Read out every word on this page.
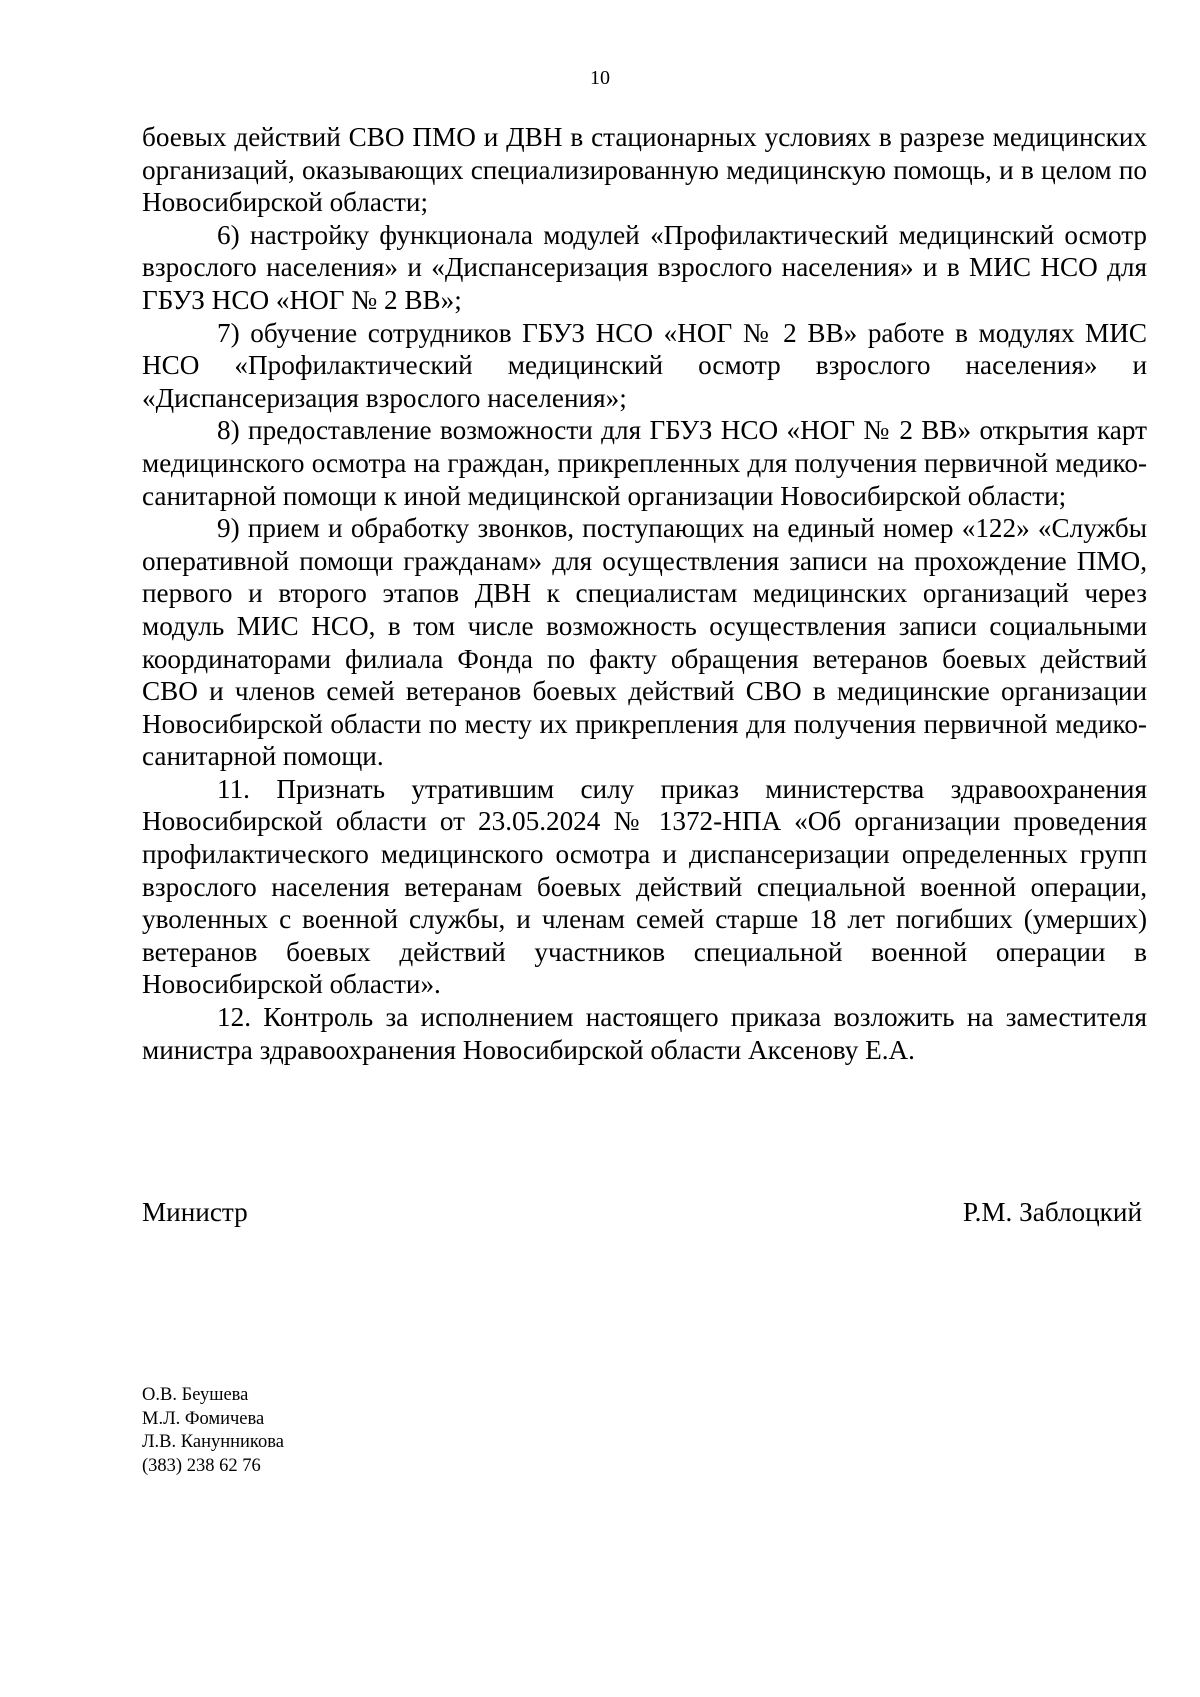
10

боевых действий СВО ПМО и ДВН в стационарных условиях в разрезе медицинских организаций, оказывающих специализированную медицинскую помощь, и в целом по Новосибирской области;

6) настройку функционала модулей «Профилактический медицинский осмотр взрослого населения» и «Диспансеризация взрослого населения» и в МИС НСО для ГБУЗ НСО «НОГ № 2 ВВ»;

7) обучение сотрудников ГБУЗ НСО «НОГ № 2 ВВ» работе в модулях МИС НСО «Профилактический медицинский осмотр взрослого населения» и «Диспансеризация взрослого населения»;

8) предоставление возможности для ГБУЗ НСО «НОГ № 2 ВВ» открытия карт медицинского осмотра на граждан, прикрепленных для получения первичной медико-санитарной помощи к иной медицинской организации Новосибирской области;

9) прием и обработку звонков, поступающих на единый номер «122» «Службы оперативной помощи гражданам» для осуществления записи на прохождение ПМО, первого и второго этапов ДВН к специалистам медицинских организаций через модуль МИС НСО, в том числе возможность осуществления записи социальными координаторами филиала Фонда по факту обращения ветеранов боевых действий СВО и членов семей ветеранов боевых действий СВО в медицинские организации Новосибирской области по месту их прикрепления для получения первичной медико-санитарной помощи.

11. Признать утратившим силу приказ министерства здравоохранения Новосибирской области от 23.05.2024 № 1372-НПА «Об организации проведения профилактического медицинского осмотра и диспансеризации определенных групп взрослого населения ветеранам боевых действий специальной военной операции, уволенных с военной службы, и членам семей старше 18 лет погибших (умерших) ветеранов боевых действий участников специальной военной операции в Новосибирской области».

12. Контроль за исполнением настоящего приказа возложить на заместителя министра здравоохранения Новосибирской области Аксенову Е.А.

Министр	Р.М. Заблоцкий
О.В. Беушева
М.Л. Фомичева
Л.В. Канунникова
(383) 238 62 76
